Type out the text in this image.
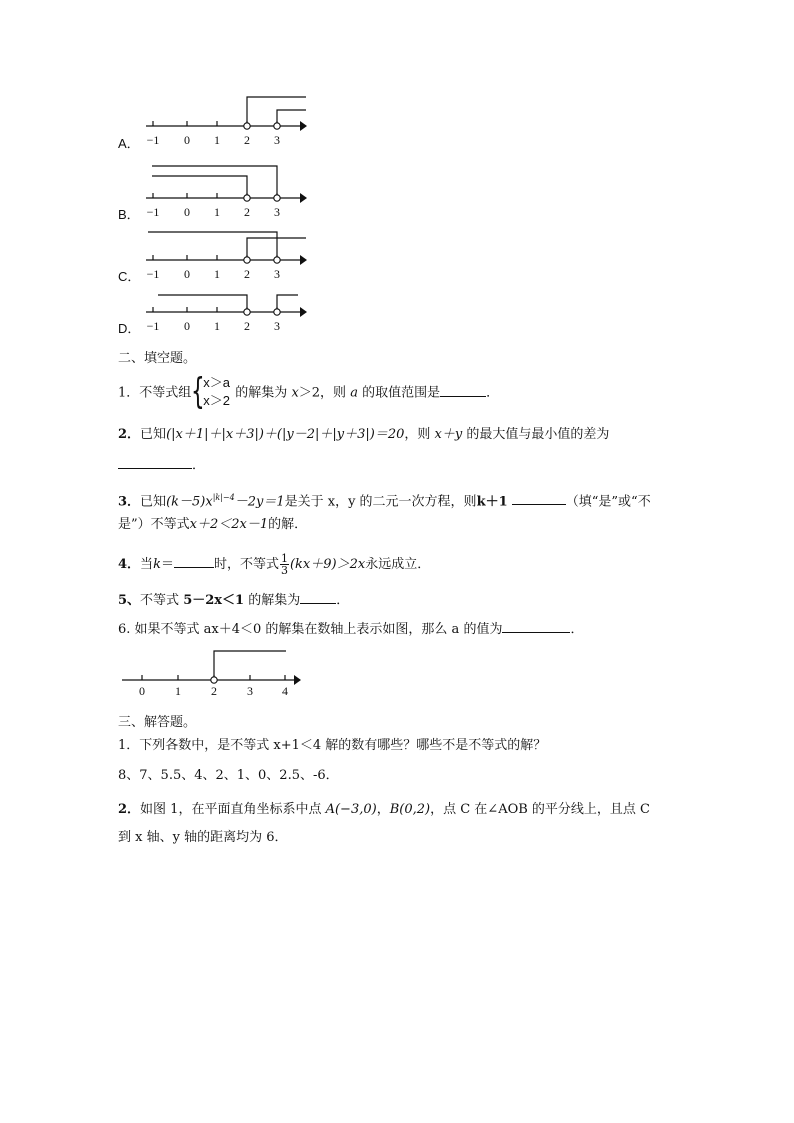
A． −1 0 1 2 3
B． −1 0 1 2 3
C． −1 0 1 2 3
D． −1 0 1 2 3
二、填空题。
1．不等式组 {
x＞a
x＞2 的解集为 x＞2，则 a 的取值范围是	．
2．已知(|x＋1|＋|x＋3|)＋(|y－2|＋|y＋3|)＝20，则 x＋y 的最大值与最小值的差为
．
3．已知$(k-5)x^{|k|-4}-2y=1$是关于 x，y 的二元一次方程，则k＋1	（填“是”或“不
是”）不等式x＋2＜2x－1的解．
4．当k＝	时，不等式 $\frac{1}{3} (kx+9)>2x$永远成立．
5、不等式 5－2x＜1 的解集为	．
6. 如果不等式 ax＋4＜0 的解集在数轴上表示如图，那么 a 的值为	．
0	1	2	3 4
三、解答题。
1．下列各数中，是不等式 x+1＜4 解的数有哪些？哪些不是不等式的解？
8、7、5.5、4、2、1、0、2.5、-6．
2．如图 1，在平面直角坐标系中点 A(−3,0)，B(0,2)，点 C 在∠AOB 的平分线上，且点 C
到 x 轴、y 轴的距离均为 6．
